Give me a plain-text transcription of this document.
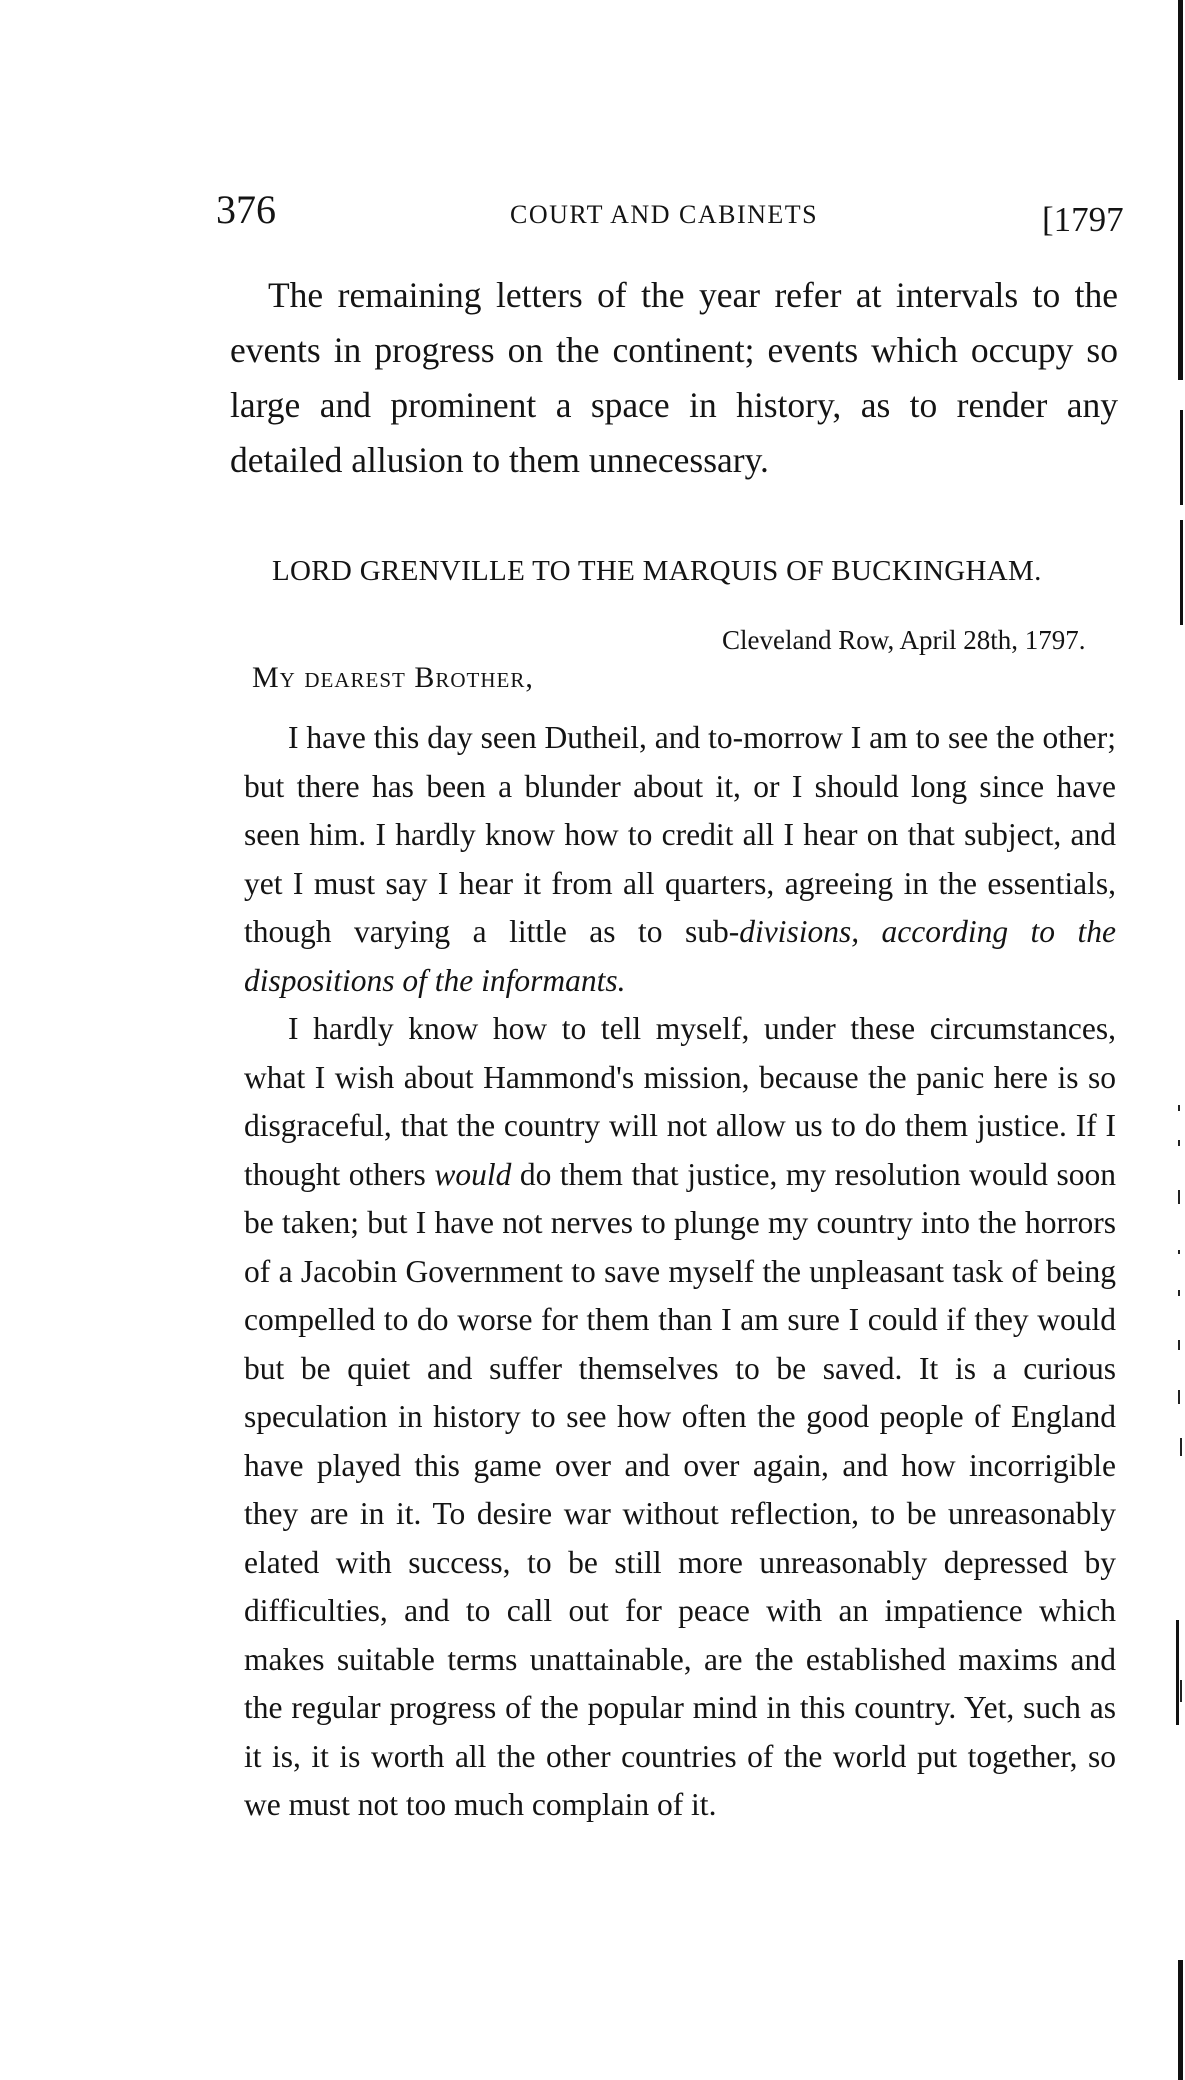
376	COURT AND CABINETS	[1797

The remaining letters of the year refer at intervals to the events in progress on the continent; events which occupy so large and prominent a space in history, as to render any detailed allusion to them unnecessary.

LORD GRENVILLE TO THE MARQUIS OF BUCKINGHAM.
Cleveland Row, April 28th, 1797.
My dearest Brother,

I have this day seen Dutheil, and to-morrow I am to see the other; but there has been a blunder about it, or I should long since have seen him. I hardly know how to credit all I hear on that subject, and yet I must say I hear it from all quarters, agreeing in the essentials, though varying a little as to sub-divisions, according to the dispositions of the informants.

I hardly know how to tell myself, under these circumstances, what I wish about Hammond's mission, because the panic here is so disgraceful, that the country will not allow us to do them justice. If I thought others would do them that justice, my resolution would soon be taken; but I have not nerves to plunge my country into the horrors of a Jacobin Government to save myself the unpleasant task of being compelled to do worse for them than I am sure I could if they would but be quiet and suffer themselves to be saved. It is a curious speculation in history to see how often the good people of England have played this game over and over again, and how incorrigible they are in it. To desire war without reflection, to be unreasonably elated with success, to be still more unreasonably depressed by difficulties, and to call out for peace with an impatience which makes suitable terms unattainable, are the established maxims and the regular progress of the popular mind in this country. Yet, such as it is, it is worth all the other countries of the world put together, so we must not too much complain of it.
